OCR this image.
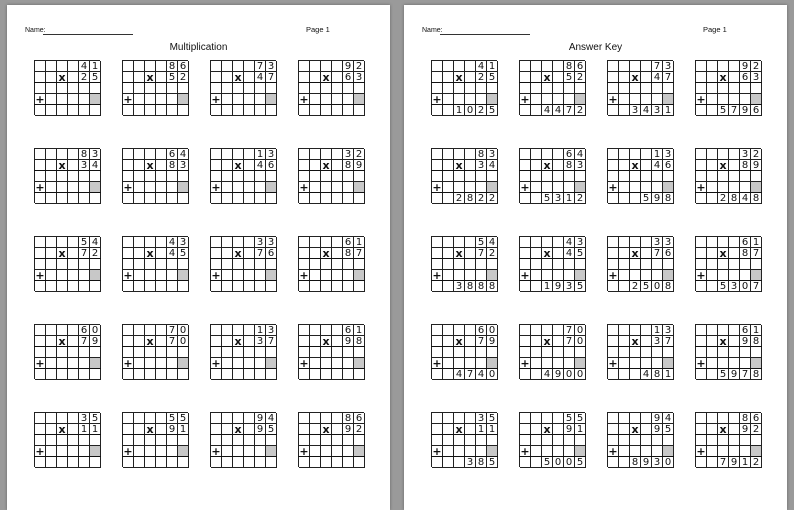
Name:	Page 1
Multiplication
4 1
x 2 5
+
8 6
x 5 2
+
7 3
x 4 7
+
9 2
x 6 3
+
8 3
x 3 4
+
6 4
x 8 3
+
1 3
x 4 6
+
3 2
x 8 9
+
5 4
x 7 2
+
4 3
x 4 5
+
3 3
x 7 6
+
6 1
x 8 7
+
6 0
x 7 9
+
7 0
x 7 0
+
1 3
x 3 7
+
6 1
x 9 8
+
3 5
x 1 1
+
5 5
x 9 1
+
9 4
x 9 5
+
8 6
x 9 2
+
Name:	Page 1
Answer Key
4 1
x 2 5
+
1 0 2 5
8 6
x 5 2
+
4 4 7 2
7 3
x 4 7
+
3 4 3 1
9 2
x 6 3
+
5 7 9 6
8 3
x 3 4
+
2 8 2 2
6 4
x 8 3
+
5 3 1 2
1 3
x 4 6
+
5 9 8
3 2
x 8 9
+
2 8 4 8
5 4
x 7 2
+
3 8 8 8
4 3
x 4 5
+
1 9 3 5
3 3
x 7 6
+
2 5 0 8
6 1
x 8 7
+
5 3 0 7
6 0
x 7 9
+
4 7 4 0
7 0
x 7 0
+
4 9 0 0
1 3
x 3 7
+
4 8 1
6 1
x 9 8
+
5 9 7 8
3 5
x 1 1
+
3 8 5
5 5
x 9 1
+
5 0 0 5
9 4
x 9 5
+
8 9 3 0
8 6
x 9 2
+
7 9 1 2
